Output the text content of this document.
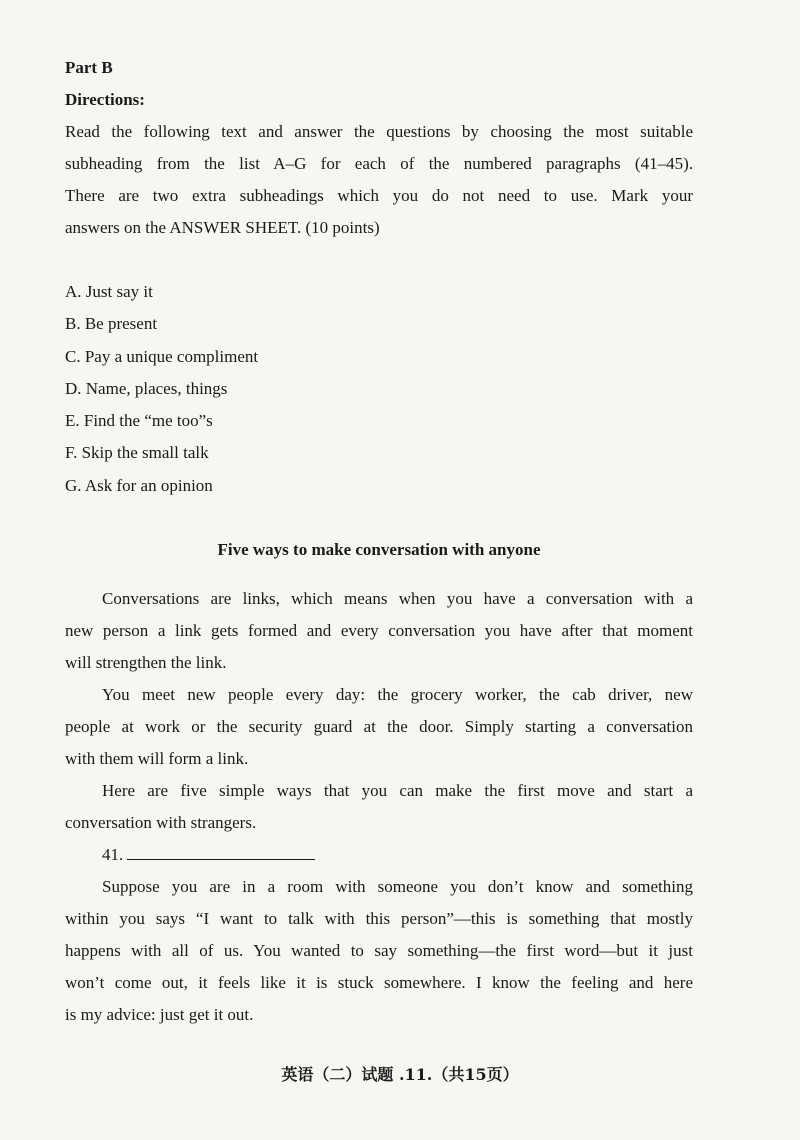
Part B

Directions:

Read the following text and answer the questions by choosing the most suitable

subheading from the list A–G for each of the numbered paragraphs (41–45).

There are two extra subheadings which you do not need to use. Mark your

answers on the ANSWER SHEET. (10 points)

A. Just say it

B. Be present

C. Pay a unique compliment

D. Name, places, things

E. Find the “me too”s

F. Skip the small talk

G. Ask for an opinion

Five ways to make conversation with anyone

Conversations are links, which means when you have a conversation with a

new person a link gets formed and every conversation you have after that moment

will strengthen the link.

You meet new people every day: the grocery worker, the cab driver, new

people at work or the security guard at the door. Simply starting a conversation

with them will form a link.

Here are five simple ways that you can make the first move and start a

conversation with strangers.

41.

Suppose you are in a room with someone you don’t know and something

within you says “I want to talk with this person”—this is something that mostly

happens with all of us. You wanted to say something—the first word—but it just

won’t come out, it feels like it is stuck somewhere. I know the feeling and here

is my advice: just get it out.

英语（二）试题 .11.（共15页）
